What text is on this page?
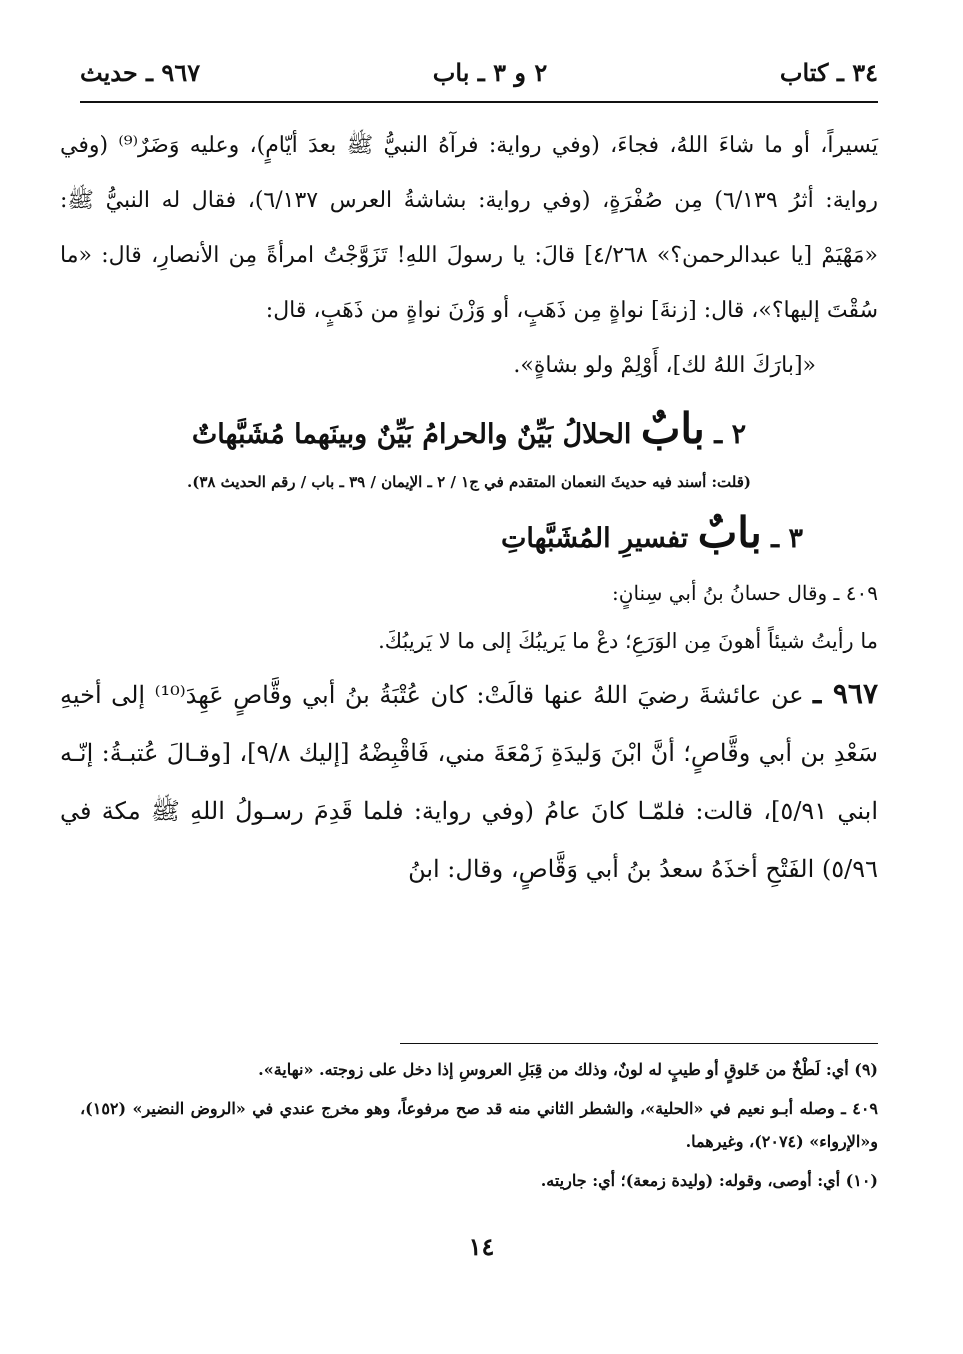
٣٤ ـ كتاب
٢ و ٣ ـ باب
٩٦٧ ـ حديث

يَسيراً، أو ما شاءَ اللهُ، فجاءَ، (وفي رواية: فرآهُ النبيُّ ﷺ بعدَ أيّامٍ)، وعليه وَضَرٌ⁽⁹⁾ (وفي رواية: أثرُ ٦/١٣٩) مِن صُفْرَةٍ، (وفي رواية: بشاشةُ العرس ٦/١٣٧)، فقال له النبيُّ ﷺ: «مَهْيَمْ [يا عبدالرحمن؟» ٤/٢٦٨] قالَ: يا رسولَ اللهِ! تَزَوَّجْتُ امرأةً مِن الأنصارِ، قال: «ما سُقْتَ إليها؟»، قال: [زنةَ] نواةٍ مِن ذَهَبٍ، أو وَزْنَ نواةٍ من ذَهَبٍ، قال:

«[بارَكَ اللهُ لك]، أَوْلِمْ ولو بشاةٍ».

٢ ـ بابٌ الحلالُ بَيِّنٌ والحرامُ بَيِّنٌ وبينَهما مُشَبَّهاتٌ

(قلت: أسند فيه حديثَ النعمان المتقدم في ج١ / ٢ ـ الإيمان / ٣٩ ـ باب / رقم الحديث ٣٨).

٣ ـ بابٌ تفسيرِ المُشَبَّهاتِ

٤٠٩ ـ وقال حسانُ بنُ أبي سِنانٍ:

ما رأيتُ شيئاً أهونَ مِن الوَرَعِ؛ دعْ ما يَريبُكَ إلى ما لا يَريبُكَ.

٩٦٧ ـ عن عائشةَ رضيَ اللهُ عنها قالَتْ: كان عُتْبَةُ بنُ أبي وقَّاصٍ عَهِدَ⁽¹⁰⁾ إلى أخيهِ سَعْدِ بن أبي وقَّاصٍ؛ أنَّ ابْنَ وَليدَةِ زَمْعَةَ مني، فَاقْبِضْهُ [إليك ٩/٨]، [وقـالَ عُتبـةُ: إنّـه ابني ٥/٩١]، قالت: فلمّـا كانَ عامُ (وفي رواية: فلما قَدِمَ رسـولُ اللهِ ﷺ مكة في ٥/٩٦) الفَتْحِ أخذَهُ سعدُ بنُ أبي وَقَّاصٍ، وقال: ابنُ

(٩) أي: لَطْخٌ من خَلوقٍ أو طيبٍ له لونٌ، وذلك من قِبَلِ العروسِ إذا دخل على زوجته. «نهاية».

٤٠٩ ـ وصله أبـو نعيم في «الحلية»، والشطر الثاني منه قد صح مرفوعاً، وهو مخرج عندي في «الروض النضير» (١٥٢)، و«الإرواء» (٢٠٧٤)، وغيرهما.

(١٠) أي: أوصى، وقوله: (وليدة زمعة)؛ أي: جاريته.

١٤
